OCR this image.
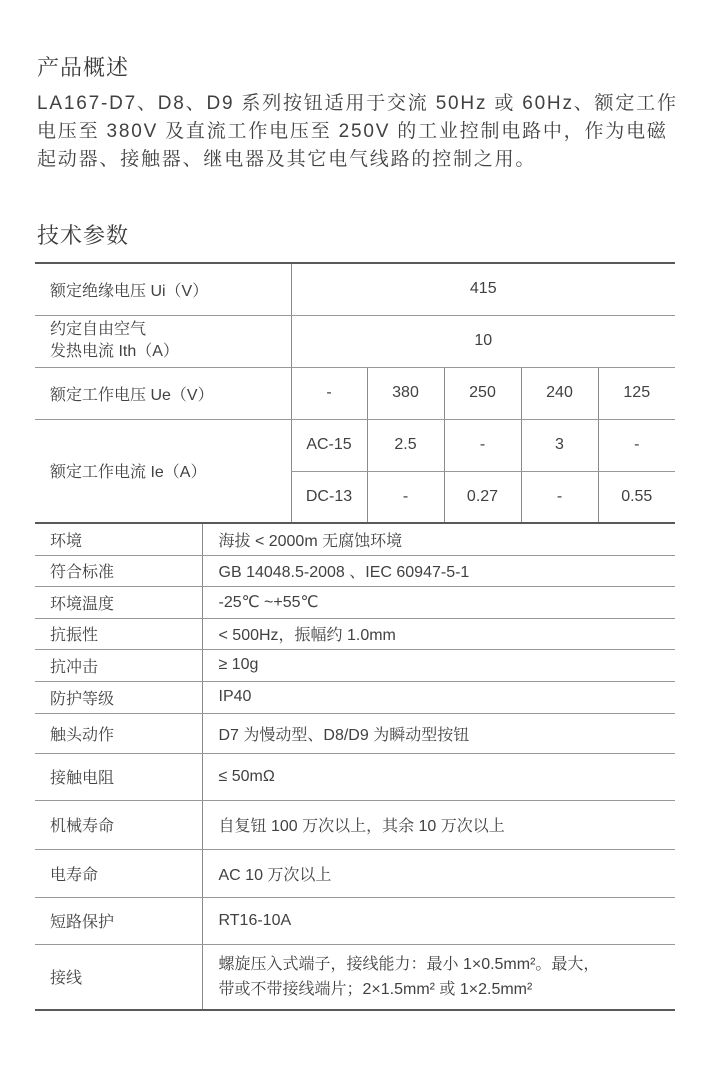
产品概述

LA167-D7、D8、D9 系列按钮适用于交流 50Hz 或 60Hz、额定工作电压至 380V 及直流工作电压至 250V 的工业控制电路中，作为电磁起动器、接触器、继电器及其它电气线路的控制之用。

技术参数
额定绝缘电压 Ui（V）	415				

约定自由空气
发热电流 Ith（A）	10				
额定工作电压 Ue（V）	-	380	250	240	125
额定工作电流 Ie（A）	AC-15	2.5	-	3	-
	DC-13	-	0.27	-	0.55
环境	海拔 < 2000m 无腐蚀环境
符合标准	GB 14048.5-2008 、IEC 60947-5-1
环境温度	-25℃ ~+55℃
抗振性	< 500Hz，振幅约 1.0mm
抗冲击	≥ 10g
防护等级	IP40
触头动作	D7 为慢动型、D8/D9 为瞬动型按钮
接触电阻	≤ 50mΩ
机械寿命	自复钮 100 万次以上，其余 10 万次以上
电寿命	AC 10 万次以上
短路保护	RT16-10A
接线	螺旋压入式端子，接线能力：最小 1×0.5mm²。最大，
带或不带接线端片；2×1.5mm² 或 1×2.5mm²
